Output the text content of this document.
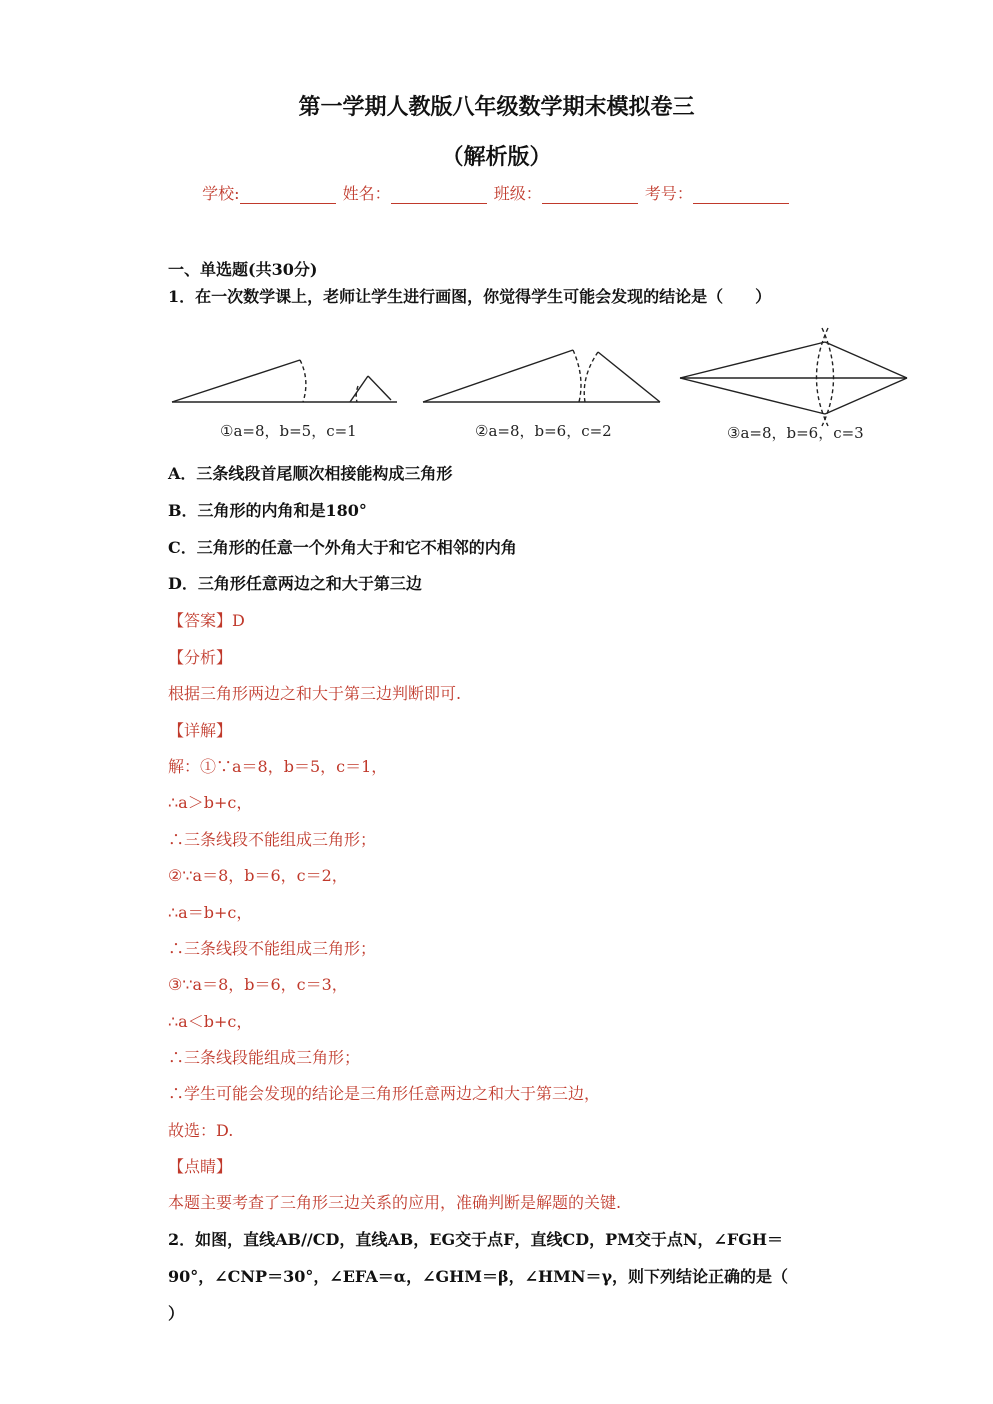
第一学期人教版八年级数学期末模拟卷三
（解析版）
学校:	姓名：	班级：	考号：
一、单选题(共30分)
1．在一次数学课上，老师让学生进行画图，你觉得学生可能会发现的结论是（　　）
①a=8，b=5，c=1	②a=8，b=6，c=2	③a=8，b=6，c=3
A．三条线段首尾顺次相接能构成三角形
B．三角形的内角和是180°
C．三角形的任意一个外角大于和它不相邻的内角
D．三角形任意两边之和大于第三边
【答案】D
【分析】
根据三角形两边之和大于第三边判断即可.
【详解】
解：①∵a＝8，b＝5，c＝1，
∴a＞b+c，
∴三条线段不能组成三角形；
②∵a＝8，b＝6，c＝2，
∴a＝b+c，
∴三条线段不能组成三角形；
③∵a＝8，b＝6，c＝3，
∴a＜b+c，
∴三条线段能组成三角形；
∴学生可能会发现的结论是三角形任意两边之和大于第三边，
故选：D.
【点睛】
本题主要考查了三角形三边关系的应用，准确判断是解题的关键.
2．如图，直线AB//CD，直线AB，EG交于点F，直线CD，PM交于点N，∠FGH＝
90°，∠CNP＝30°，∠EFA＝α，∠GHM＝β，∠HMN＝γ，则下列结论正确的是（
）
